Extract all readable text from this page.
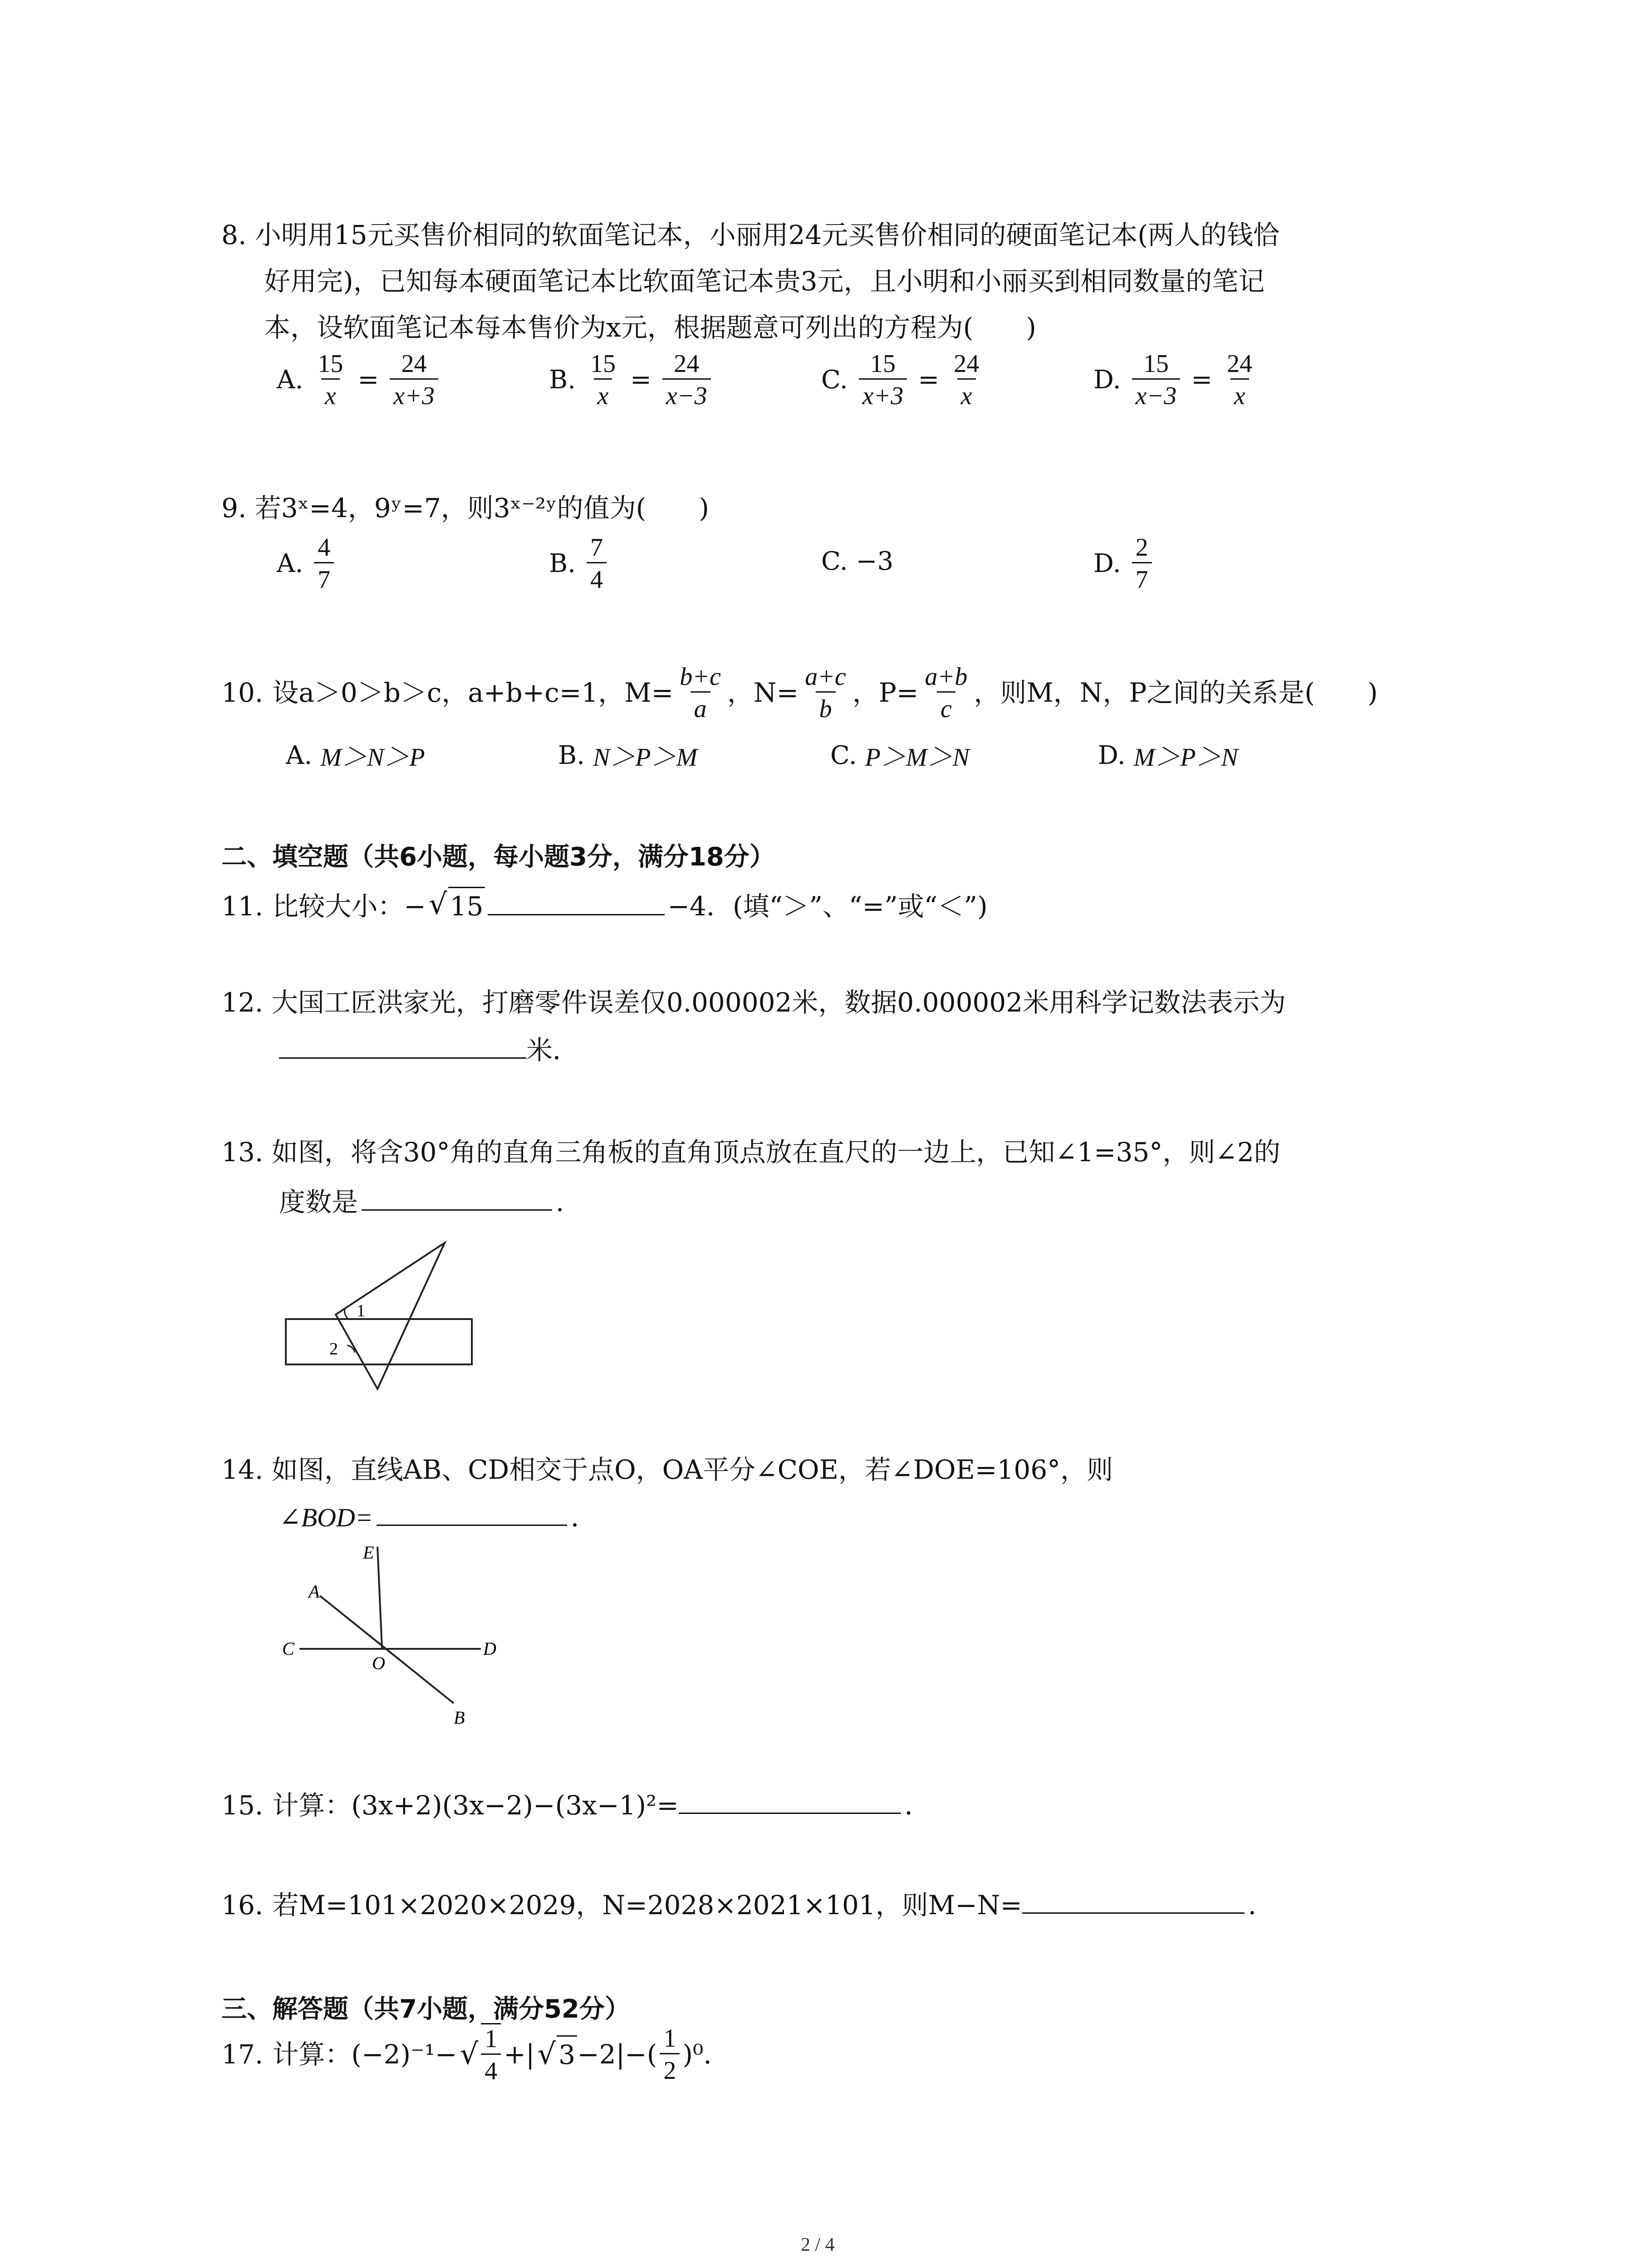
8. 小明用15元买售价相同的软面笔记本，小丽用24元买售价相同的硬面笔记本(两人的钱恰
好用完)，已知每本硬面笔记本比软面笔记本贵3元，且小明和小丽买到相同数量的笔记
本，设软面笔记本每本售价为x元，根据题意可列出的方程为(　　)
A. $\frac{15}{x} = \frac{24}{x+3}$	B. $\frac{15}{x} = \frac{24}{x-3}$	C. $\frac{15}{x+3} = \frac{24}{x}$	D. $\frac{15}{x-3} = \frac{24}{x}$
9. 若3ˣ=4，9ʸ=7，则3ˣ⁻²ʸ的值为(　　)
A. $\frac{4}{7}$	B. $\frac{7}{4}$	C. −3	D. $\frac{2}{7}$
10. 设a＞0＞b＞c，a+b+c=1，$M= \frac{b+c}{a}$ ，$N= \frac{a+c}{b}$ ，$P= \frac{a+b}{c}$ ，则M，N，P之间的关系是(　　)
A. M＞N＞P	B. N＞P＞M	C. P＞M＞N	D. M＞P＞N
二、填空题（共6小题，每小题3分，满分18分）
11. 比较大小：− √ 15	−4．(填“＞”、“=”或“＜”)
12. 大国工匠洪家光，打磨零件误差仅0.000002米，数据0.000002米用科学记数法表示为
米．
13. 如图，将含30°角的直角三角板的直角顶点放在直尺的一边上，已知∠1=35°，则∠2的
度数是	．
1
2
14. 如图，直线AB、CD相交于点O，OA平分∠COE，若∠DOE=106°，则
∠BOD=	．
E
A
C
O
D
B
15. 计算：(3x+2)(3x−2)−(3x−1)²=	．
16. 若M=101×2020×2029，N=2028×2021×101，则M−N=	．
三、解答题（共7小题，满分52分）
17. 计算：(−2)⁻¹− √ $\frac{1}{4}$ +| √ $3 -2|-( \frac{1}{2} )^0$.
2 / 4
